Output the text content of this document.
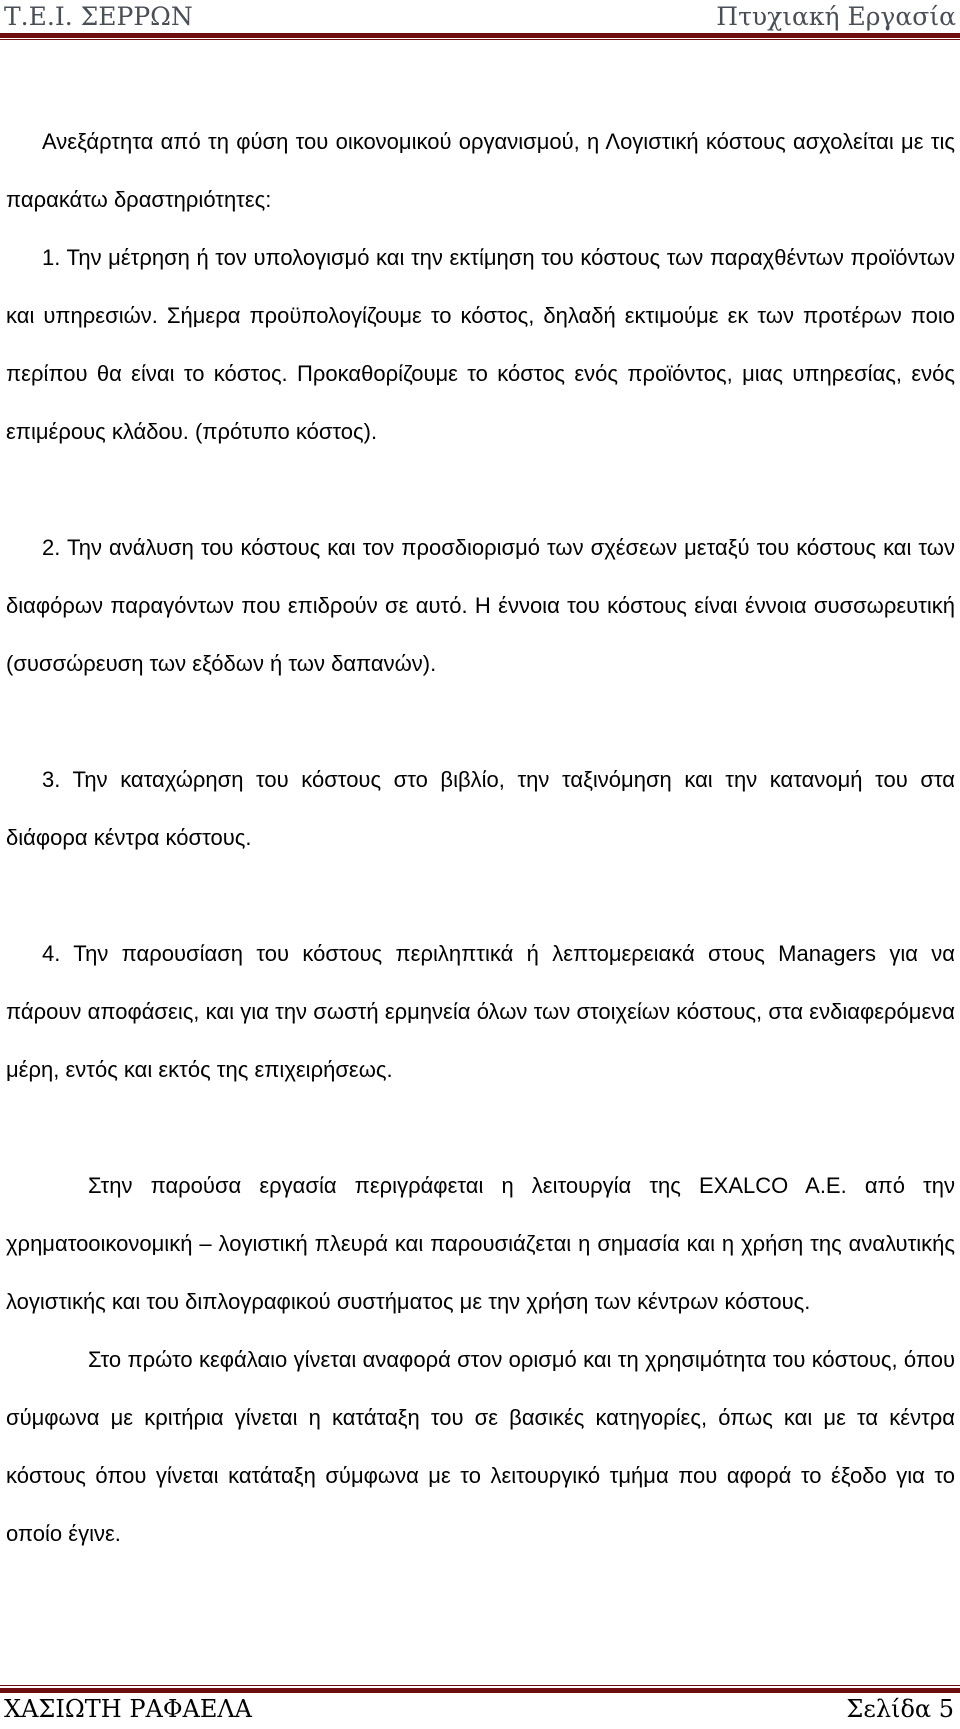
Τ.Ε.Ι. ΣΕΡΡΩΝ	Πτυχιακή Εργασία

Ανεξάρτητα από τη φύση του οικονομικού οργανισμού, η Λογιστική κόστους ασχολείται με τις παρακάτω δραστηριότητες:

1. Την μέτρηση ή τον υπολογισμό και την εκτίμηση του κόστους των παραχθέντων προϊόντων και υπηρεσιών. Σήμερα προϋπολογίζουμε το κόστος, δηλαδή εκτιμούμε εκ των προτέρων ποιο περίπου θα είναι το κόστος. Προκαθορίζουμε το κόστος ενός προϊόντος, μιας υπηρεσίας, ενός επιμέρους κλάδου. (πρότυπο κόστος).

2. Την ανάλυση του κόστους και τον προσδιορισμό των σχέσεων μεταξύ του κόστους και των διαφόρων παραγόντων που επιδρούν σε αυτό. Η έννοια του κόστους είναι έννοια συσσωρευτική (συσσώρευση των εξόδων ή των δαπανών).

3. Την καταχώρηση του κόστους στο βιβλίο, την ταξινόμηση και την κατανομή του στα διάφορα κέντρα κόστους.

4. Την παρουσίαση του κόστους περιληπτικά ή λεπτομερειακά στους Managers για να πάρουν αποφάσεις, και για την σωστή ερμηνεία όλων των στοιχείων κόστους, στα ενδιαφερόμενα μέρη, εντός και εκτός της επιχειρήσεως.

Στην παρούσα εργασία περιγράφεται η λειτουργία της EXALCO A.E. από την χρηματοοικονομική – λογιστική πλευρά και παρουσιάζεται η σημασία και η χρήση της αναλυτικής λογιστικής και του διπλογραφικού συστήματος με την χρήση των κέντρων κόστους.

Στο πρώτο κεφάλαιο γίνεται αναφορά στον ορισμό και τη χρησιμότητα του κόστους, όπου σύμφωνα με κριτήρια γίνεται η κατάταξη του σε βασικές κατηγορίες, όπως και με τα κέντρα κόστους όπου γίνεται κατάταξη σύμφωνα με το λειτουργικό τμήμα που αφορά το έξοδο για το οποίο έγινε.

ΧΑΣΙΩΤΗ ΡΑΦΑΕΛΑ	Σελίδα 5
